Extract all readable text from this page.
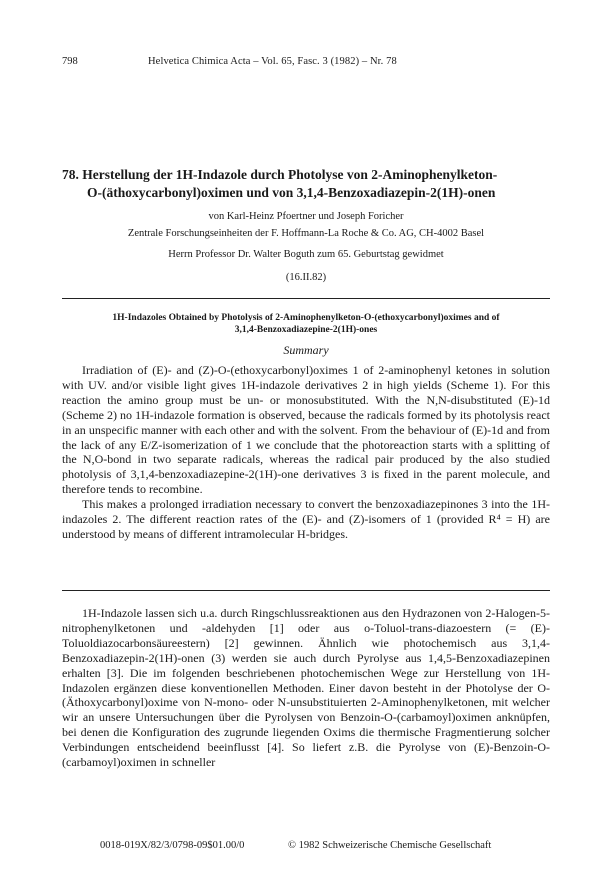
798	Helvetica Chimica Acta – Vol. 65, Fasc. 3 (1982) – Nr. 78
78. Herstellung der 1H-Indazole durch Photolyse von 2-Aminophenylketon-
O-(äthoxycarbonyl)oximen und von 3,1,4-Benzoxadiazepin-2(1H)-onen
von Karl-Heinz Pfoertner und Joseph Foricher
Zentrale Forschungseinheiten der F. Hoffmann-La Roche & Co. AG, CH-4002 Basel
Herrn Professor Dr. Walter Boguth zum 65. Geburtstag gewidmet
(16.II.82)
1H-Indazoles Obtained by Photolysis of 2-Aminophenylketon-O-(ethoxycarbonyl)oximes and of
3,1,4-Benzoxadiazepine-2(1H)-ones
Summary

Irradiation of (E)- and (Z)-O-(ethoxycarbonyl)oximes 1 of 2-aminophenyl ketones in solution with UV. and/or visible light gives 1H-indazole derivatives 2 in high yields (Scheme 1). For this reaction the amino group must be un- or monosubstituted. With the N,N-disubstituted (E)-1d (Scheme 2) no 1H-indazole formation is observed, because the radicals formed by its photolysis react in an unspecific manner with each other and with the solvent. From the behaviour of (E)-1d and from the lack of any E/Z-isomerization of 1 we conclude that the photoreaction starts with a splitting of the N,O-bond in two separate radicals, whereas the radical pair produced by the also studied photolysis of 3,1,4-benzoxadiazepine-2(1H)-one derivatives 3 is fixed in the parent molecule, and therefore tends to recombine.

This makes a prolonged irradiation necessary to convert the benzoxadiazepinones 3 into the 1H-indazoles 2. The different reaction rates of the (E)- and (Z)-isomers of 1 (provided R⁴ = H) are understood by means of different intramolecular H-bridges.

1H-Indazole lassen sich u.a. durch Ringschlussreaktionen aus den Hydrazonen von 2-Halogen-5-nitrophenylketonen und -aldehyden [1] oder aus o-Toluol-trans-diazoestern (= (E)-Toluoldiazocarbonsäureestern) [2] gewinnen. Ähnlich wie photochemisch aus 3,1,4-Benzoxadiazepin-2(1H)-onen (3) werden sie auch durch Pyrolyse aus 1,4,5-Benzoxadiazepinen erhalten [3]. Die im folgenden beschriebenen photochemischen Wege zur Herstellung von 1H-Indazolen ergänzen diese konventionellen Methoden. Einer davon besteht in der Photolyse der O-(Äthoxycarbonyl)oxime von N-mono- oder N-unsubstituierten 2-Aminophenylketonen, mit welcher wir an unsere Untersuchungen über die Pyrolysen von Benzoin-O-(carbamoyl)oximen anknüpfen, bei denen die Konfiguration des zugrunde liegenden Oxims die thermische Fragmentierung solcher Verbindungen entscheidend beeinflusst [4]. So liefert z.B. die Pyrolyse von (E)-Benzoin-O-(carbamoyl)oximen in schneller

0018-019X/82/3/0798-09$01.00/0	© 1982 Schweizerische Chemische Gesellschaft
